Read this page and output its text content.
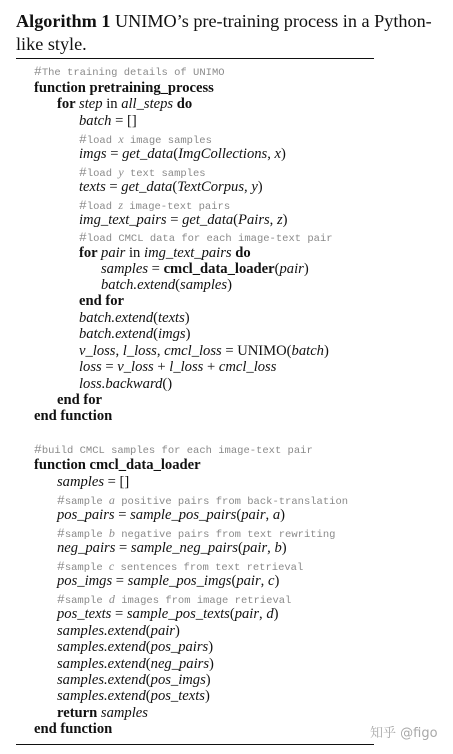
Algorithm 1 UNIMO’s pre-training process in a Python-like style.
#The training details of UNIMO
function pretraining_process
for step in all_steps do
batch = []
#load x image samples
imgs = get_data(ImgCollections, x)
#load y text samples
texts = get_data(TextCorpus, y)
#load z image-text pairs
img_text_pairs = get_data(Pairs, z)
#load CMCL data for each image-text pair
for pair in img_text_pairs do
samples = cmcl_data_loader(pair)
batch.extend(samples)
end for
batch.extend(texts)
batch.extend(imgs)
v_loss, l_loss, cmcl_loss = UNIMO(batch)
loss = v_loss + l_loss + cmcl_loss
loss.backward()
end for
end function
#build CMCL samples for each image-text pair
function cmcl_data_loader
samples = []
#sample a positive pairs from back-translation
pos_pairs = sample_pos_pairs(pair, a)
#sample b negative pairs from text rewriting
neg_pairs = sample_neg_pairs(pair, b)
#sample c sentences from text retrieval
pos_imgs = sample_pos_imgs(pair, c)
#sample d images from image retrieval
pos_texts = sample_pos_texts(pair, d)
samples.extend(pair)
samples.extend(pos_pairs)
samples.extend(neg_pairs)
samples.extend(pos_imgs)
samples.extend(pos_texts)
return samples
end function	知乎 @figo
